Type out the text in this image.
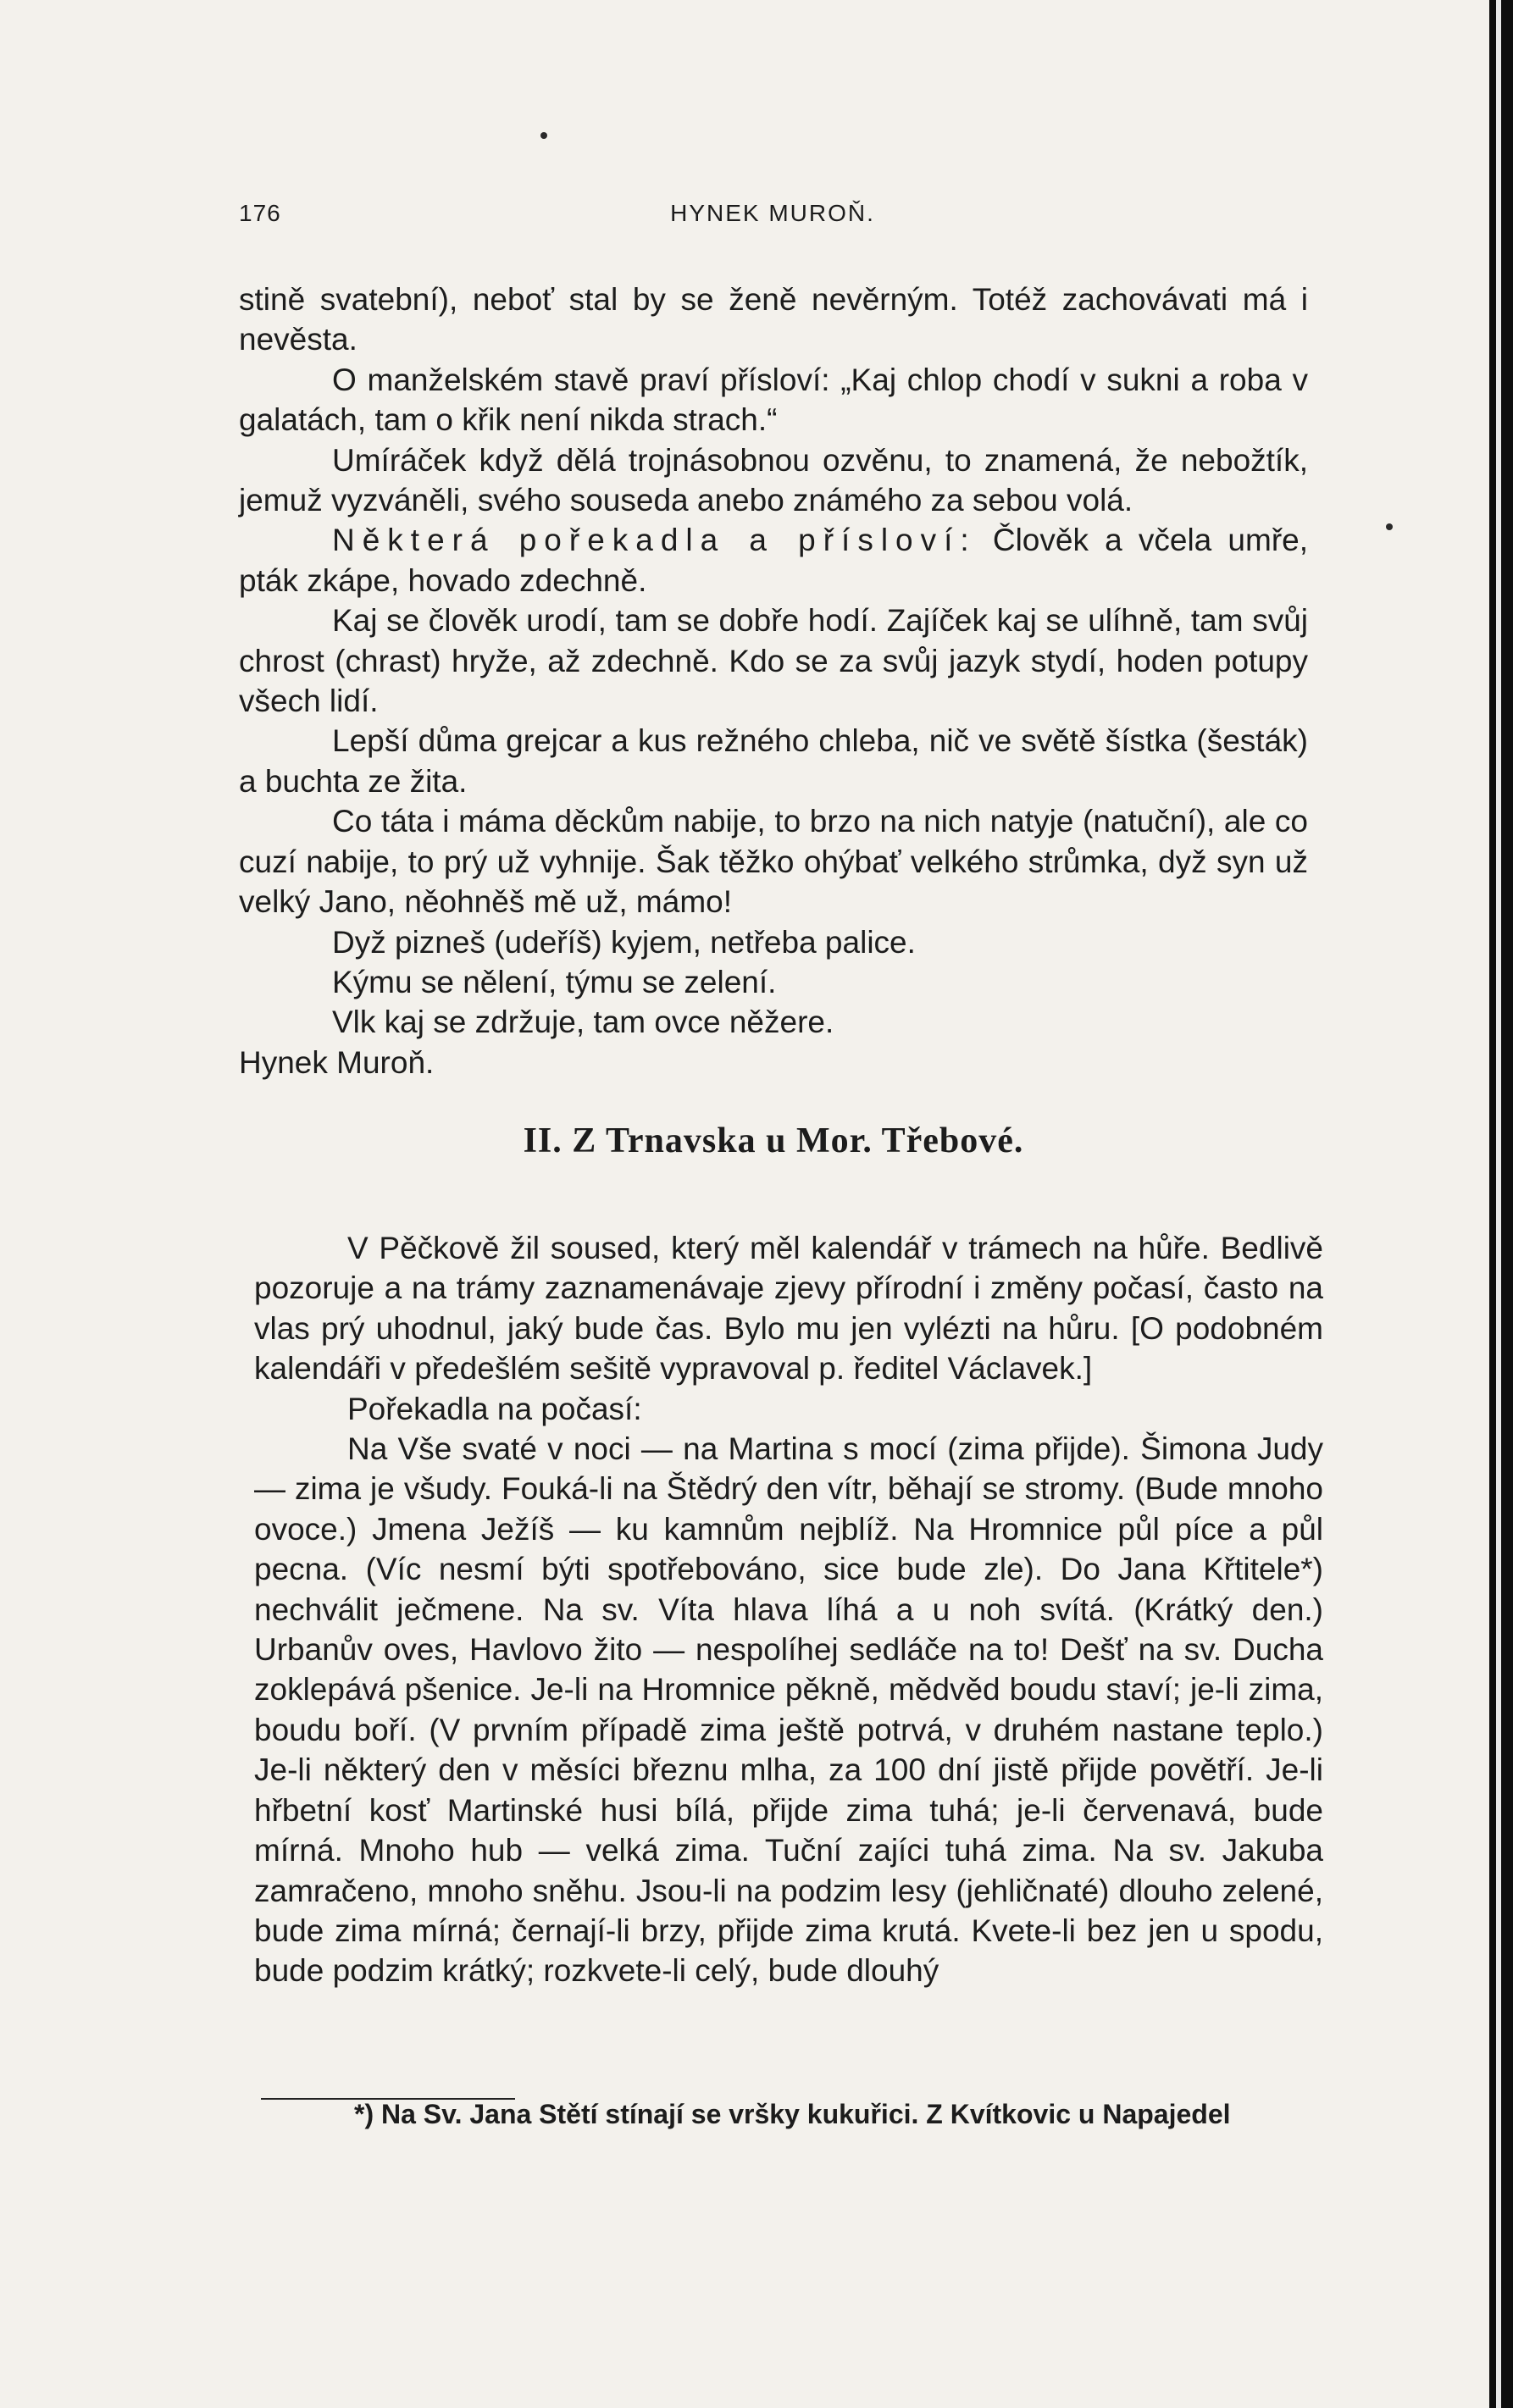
176	HYNEK MUROŇ.

stině svatební), neboť stal by se ženě nevěrným. Totéž zachovávati má i nevěsta.

O manželském stavě praví přísloví: „Kaj chlop chodí v sukni a roba v galatách, tam o křik není nikda strach.“

Umíráček když dělá trojnásobnou ozvěnu, to znamená, že nebožtík, jemuž vyzváněli, svého souseda anebo známého za sebou volá.

Některá pořekadla a přísloví: Člověk a včela umře, pták zkápe, hovado zdechně.

Kaj se člověk urodí, tam se dobře hodí. Zajíček kaj se ulíhně, tam svůj chrost (chrast) hryže, až zdechně. Kdo se za svůj jazyk stydí, hoden potupy všech lidí.

Lepší důma grejcar a kus režného chleba, nič ve světě šístka (šesták) a buchta ze žita.

Co táta i máma děckům nabije, to brzo na nich natyje (natuční), ale co cuzí nabije, to prý už vyhnije. Šak těžko ohýbať velkého strůmka, dyž syn už velký Jano, něohněš mě už, mámo!

Dyž pizneš (udeříš) kyjem, netřeba palice.

Kýmu se nělení, týmu se zelení.

Vlk kaj se zdržuje, tam ovce něžere.

Hynek Muroň.

II. Z Trnavska u Mor. Třebové.

V Pěčkově žil soused, který měl kalendář v trámech na hůře. Bedlivě pozoruje a na trámy zaznamenávaje zjevy přírodní i změny počasí, často na vlas prý uhodnul, jaký bude čas. Bylo mu jen vylézti na hůru. [O podobném kalendáři v předešlém sešitě vypravoval p. ředitel Václavek.]

Pořekadla na počasí:

Na Vše svaté v noci — na Martina s mocí (zima přijde). Šimona Judy — zima je všudy. Fouká-li na Štědrý den vítr, běhají se stromy. (Bude mnoho ovoce.) Jmena Ježíš — ku kamnům nejblíž. Na Hromnice půl píce a půl pecna. (Víc nesmí býti spotřebováno, sice bude zle). Do Jana Křtitele*) nechválit ječmene. Na sv. Víta hlava líhá a u noh svítá. (Krátký den.) Urbanův oves, Havlovo žito — nespolíhej sedláče na to! Dešť na sv. Ducha zoklepává pšenice. Je-li na Hromnice pěkně, mědvěd boudu staví; je-li zima, boudu boří. (V prvním případě zima ještě potrvá, v druhém nastane teplo.) Je-li některý den v měsíci březnu mlha, za 100 dní jistě přijde povětří. Je-li hřbetní kosť Martinské husi bílá, přijde zima tuhá; je-li červenavá, bude mírná. Mnoho hub — velká zima. Tuční zajíci tuhá zima. Na sv. Jakuba zamračeno, mnoho sněhu. Jsou-li na podzim lesy (jehličnaté) dlouho zelené, bude zima mírná; černají-li brzy, přijde zima krutá. Kvete-li bez jen u spodu, bude podzim krátký; rozkvete-li celý, bude dlouhý

*) Na Sv. Jana Stětí stínají se vršky kukuřici. Z Kvítkovic u Napajedel
